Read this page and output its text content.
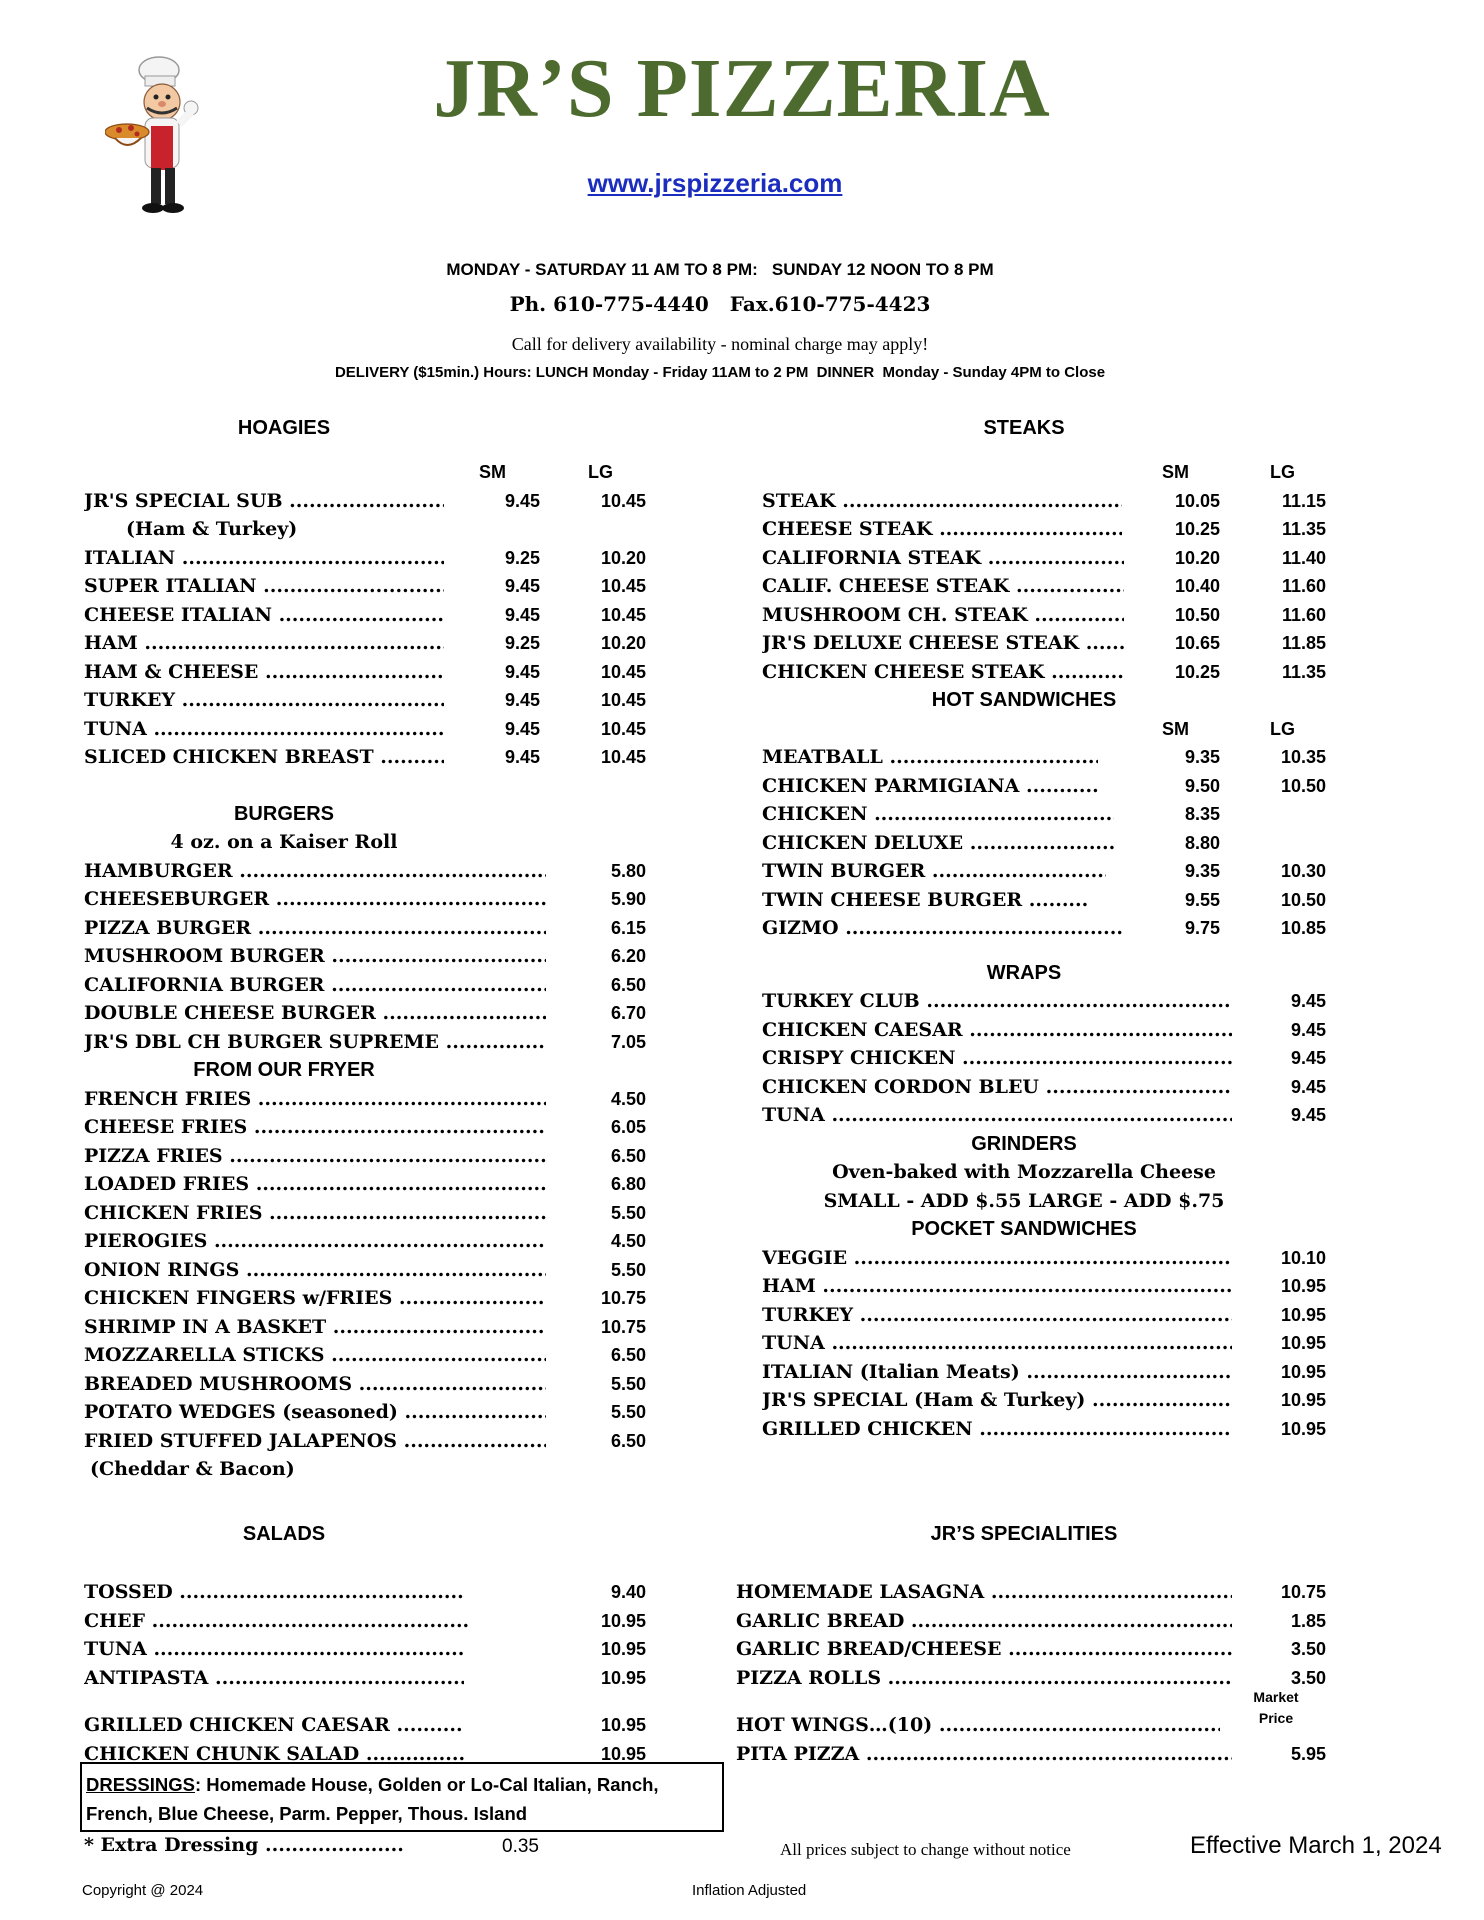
JR’S PIZZERIA
www.jrspizzeria.com
MONDAY - SATURDAY 11 AM TO 8 PM:   SUNDAY 12 NOON TO 8 PM
Ph. 610-775-4440   Fax.610-775-4423
Call for delivery availability - nominal charge may apply!
DELIVERY ($15min.) Hours: LUNCH Monday - Friday 11AM to 2 PM  DINNER  Monday - Sunday 4PM to Close
HOAGIES
SM	LG
JR'S SPECIAL SUB .....	9.45	10.45
(Ham & Turkey)
ITALIAN .....	9.25	10.20
SUPER ITALIAN .....	9.45	10.45
CHEESE ITALIAN .....	9.45	10.45
HAM .....	9.25	10.20
HAM & CHEESE .....	9.45	10.45
TURKEY .....	9.45	10.45
TUNA .....	9.45	10.45
SLICED CHICKEN BREAST .....	9.45	10.45
BURGERS
4 oz. on a Kaiser Roll
HAMBURGER .....	5.80
CHEESEBURGER .....	5.90
PIZZA BURGER .....	6.15
MUSHROOM BURGER .....	6.20
CALIFORNIA BURGER .....	6.50
DOUBLE CHEESE BURGER .....	6.70
JR'S DBL CH BURGER SUPREME .....	7.05
FROM OUR FRYER
FRENCH FRIES .....	4.50
CHEESE FRIES .....	6.05
PIZZA FRIES .....	6.50
LOADED FRIES .....	6.80
CHICKEN FRIES .....	5.50
PIEROGIES .....	4.50
ONION RINGS .....	5.50
CHICKEN FINGERS w/FRIES .....	10.75
SHRIMP IN A BASKET .....	10.75
MOZZARELLA STICKS .....	6.50
BREADED MUSHROOMS .....	5.50
POTATO WEDGES (seasoned) .....	5.50
FRIED STUFFED JALAPENOS .....	6.50
(Cheddar & Bacon)
SALADS
TOSSED .....	9.40
CHEF .....	10.95
TUNA .....	10.95
ANTIPASTA .....	10.95
GRILLED CHICKEN CAESAR .....	10.95
CHICKEN CHUNK SALAD .....	10.95
STEAKS
SM	LG
STEAK .....	10.05	11.15
CHEESE STEAK .....	10.25	11.35
CALIFORNIA STEAK .....	10.20	11.40
CALIF. CHEESE STEAK .....	10.40	11.60
MUSHROOM CH. STEAK .....	10.50	11.60
JR'S DELUXE CHEESE STEAK .....	10.65	11.85
CHICKEN CHEESE STEAK .....	10.25	11.35
HOT SANDWICHES
SM	LG
MEATBALL .....	9.35	10.35
CHICKEN PARMIGIANA .....	9.50	10.50
CHICKEN .....	8.35
CHICKEN DELUXE .....	8.80
TWIN BURGER .....	9.35	10.30
TWIN CHEESE BURGER .....	9.55	10.50
GIZMO .....	9.75	10.85
WRAPS
TURKEY CLUB .....	9.45
CHICKEN CAESAR .....	9.45
CRISPY CHICKEN .....	9.45
CHICKEN CORDON BLEU .....	9.45
TUNA .....	9.45
GRINDERS
Oven-baked with Mozzarella Cheese
SMALL - ADD $.55 LARGE - ADD $.75
POCKET SANDWICHES
VEGGIE .....	10.10
HAM .....	10.95
TURKEY .....	10.95
TUNA .....	10.95
ITALIAN (Italian Meats) .....	10.95
JR'S SPECIAL (Ham & Turkey) .....	10.95
GRILLED CHICKEN .....	10.95
JR’S SPECIALITIES
HOMEMADE LASAGNA .....	10.75
GARLIC BREAD .....	1.85
GARLIC BREAD/CHEESE .....	3.50
PIZZA ROLLS .....	3.50
HOT WINGS…(10) .....
Market
Price
PITA PIZZA .....	5.95
DRESSINGS: Homemade House, Golden or Lo-Cal Italian, Ranch,
French, Blue Cheese, Parm. Pepper, Thous. Island
* Extra Dressing .....................	0.35	All prices subject to change without notice	Effective March 1, 2024
Copyright @ 2024	Inflation Adjusted
